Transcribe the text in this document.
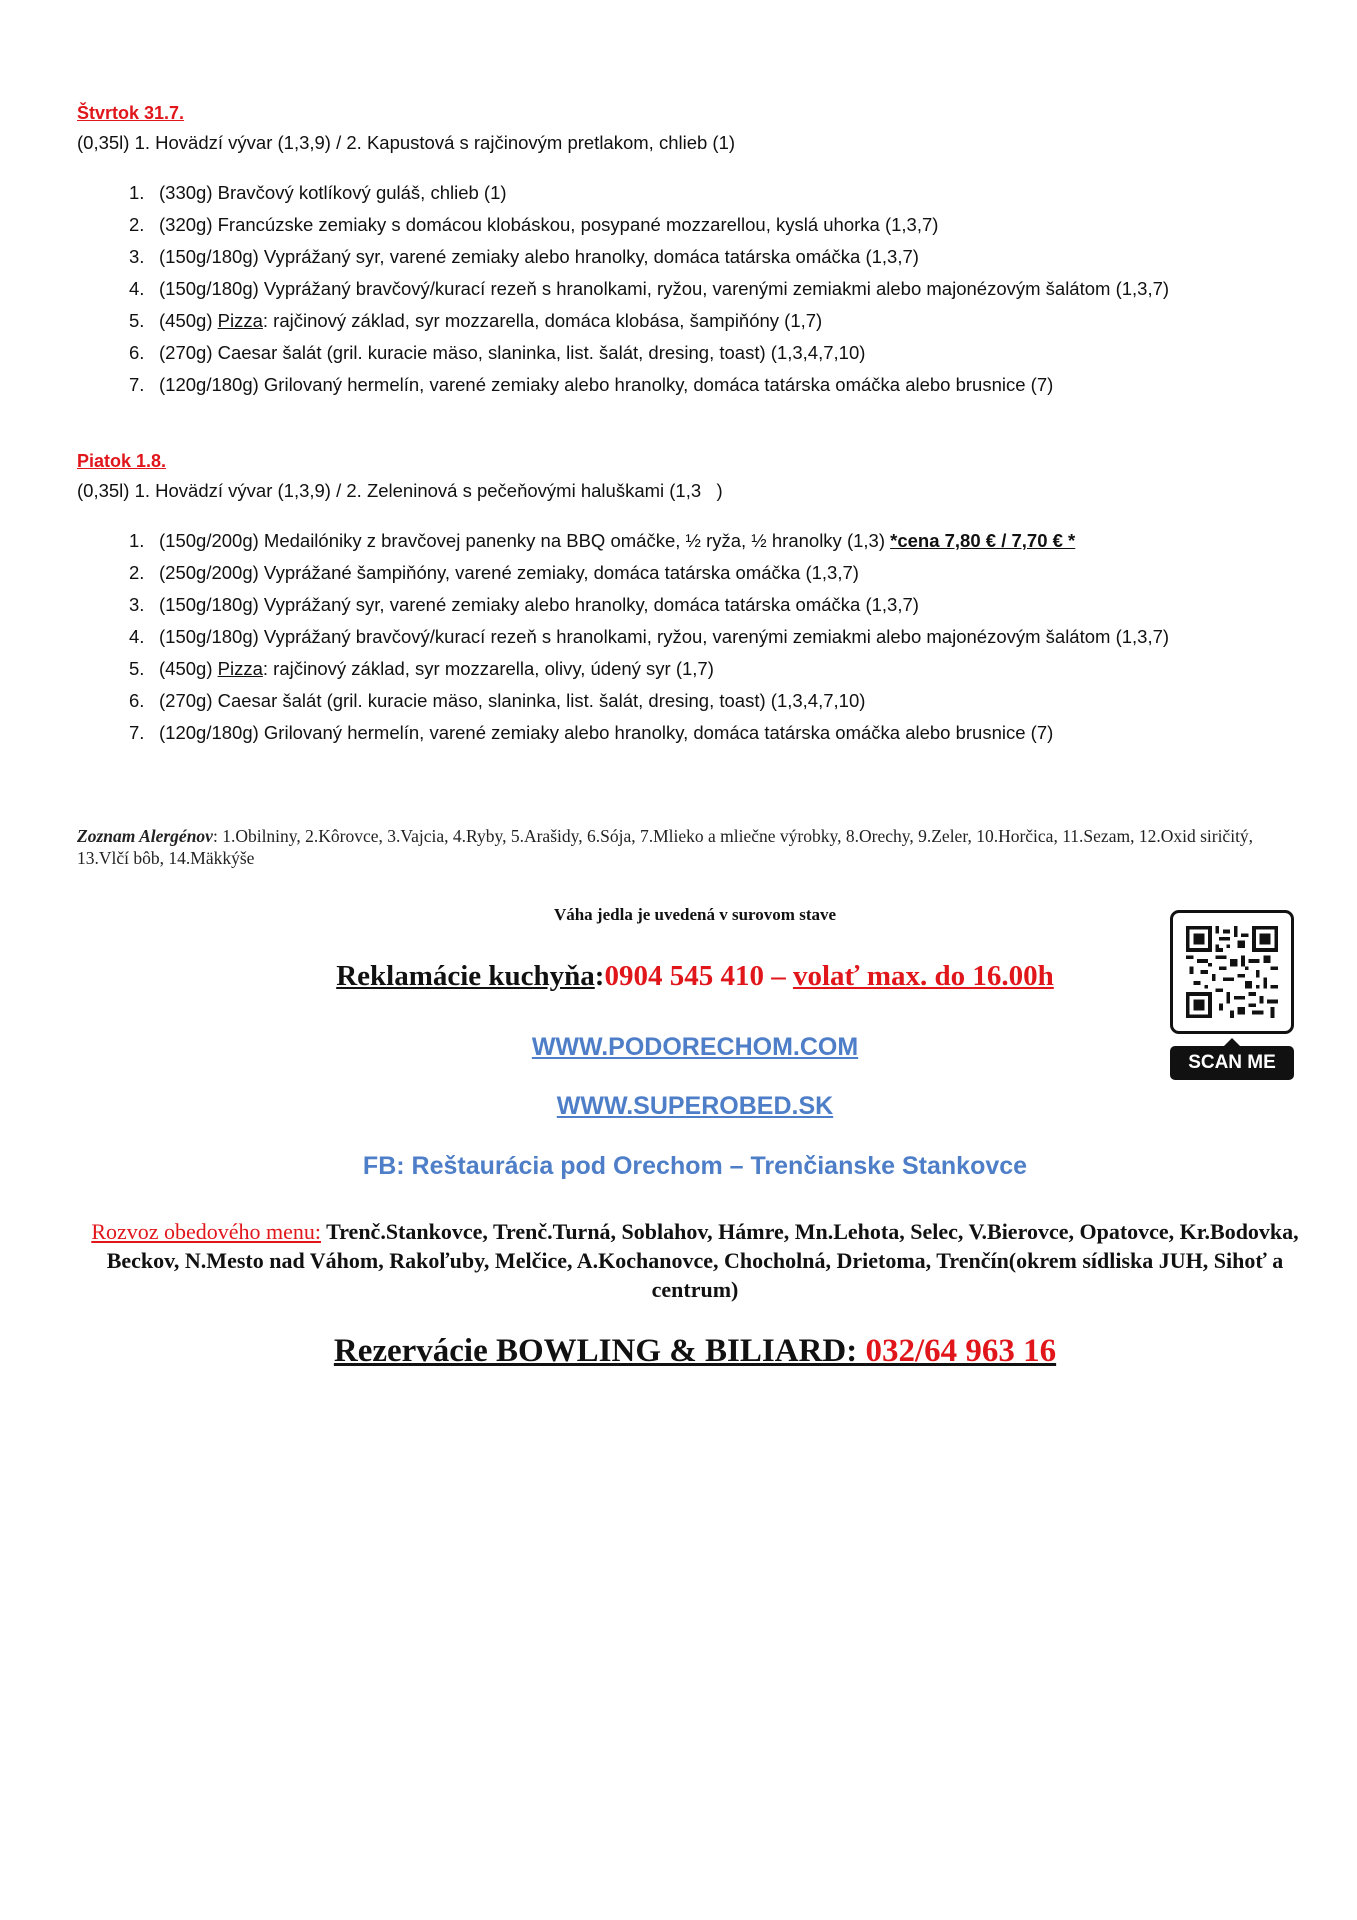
Štvrtok 31.7.

(0,35l) 1. Hovädzí vývar (1,3,9) / 2. Kapustová s rajčinovým pretlakom, chlieb (1)

1. (330g) Bravčový kotlíkový guláš, chlieb (1)
2. (320g) Francúzske zemiaky s domácou klobáskou, posypané mozzarellou, kyslá uhorka (1,3,7)
3. (150g/180g) Vyprážaný syr, varené zemiaky alebo hranolky, domáca tatárska omáčka (1,3,7)
4. (150g/180g) Vyprážaný bravčový/kurací rezeň s hranolkami, ryžou, varenými zemiakmi alebo majonézovým šalátom (1,3,7)
5. (450g) Pizza: rajčinový základ, syr mozzarella, domáca klobása, šampiňóny (1,7)
6. (270g) Caesar šalát (gril. kuracie mäso, slaninka, list. šalát, dresing, toast) (1,3,4,7,10)
7. (120g/180g) Grilovaný hermelín, varené zemiaky alebo hranolky, domáca tatárska omáčka alebo brusnice (7)
Piatok 1.8.

(0,35l) 1. Hovädzí vývar (1,3,9) / 2. Zeleninová s pečeňovými haluškami (1,3   )

1. (150g/200g) Medailóniky z bravčovej panenky na BBQ omáčke, ½ ryža, ½ hranolky (1,3) *cena 7,80 € / 7,70 € *
2. (250g/200g) Vyprážané šampiňóny, varené zemiaky, domáca tatárska omáčka (1,3,7)
3. (150g/180g) Vyprážaný syr, varené zemiaky alebo hranolky, domáca tatárska omáčka (1,3,7)
4. (150g/180g) Vyprážaný bravčový/kurací rezeň s hranolkami, ryžou, varenými zemiakmi alebo majonézovým šalátom (1,3,7)
5. (450g) Pizza: rajčinový základ, syr mozzarella, olivy, údený syr (1,7)
6. (270g) Caesar šalát (gril. kuracie mäso, slaninka, list. šalát, dresing, toast) (1,3,4,7,10)
7. (120g/180g) Grilovaný hermelín, varené zemiaky alebo hranolky, domáca tatárska omáčka alebo brusnice (7)
Zoznam Alergénov: 1.Obilniny, 2.Kôrovce, 3.Vajcia, 4.Ryby, 5.Arašidy, 6.Sója, 7.Mlieko a mliečne výrobky, 8.Orechy, 9.Zeler, 10.Horčica, 11.Sezam, 12.Oxid siričitý, 13.Vlčí bôb, 14.Mäkkýše
Váha jedla je uvedená v surovom stave
Reklamácie kuchyňa:0904 545 410 – volať max. do 16.00h
WWW.PODORECHOM.COM
WWW.SUPEROBED.SK
FB: Reštaurácia pod Orechom – Trenčianske Stankovce
Rozvoz obedového menu: Trenč.Stankovce, Trenč.Turná, Soblahov, Hámre, Mn.Lehota, Selec, V.Bierovce, Opatovce, Kr.Bodovka, Beckov, N.Mesto nad Váhom, Rakoľuby, Melčice, A.Kochanovce, Chocholná, Drietoma, Trenčín(okrem sídliska JUH, Sihoť a centrum)
Rezervácie BOWLING & BILIARD: 032/64 963 16
SCAN ME
